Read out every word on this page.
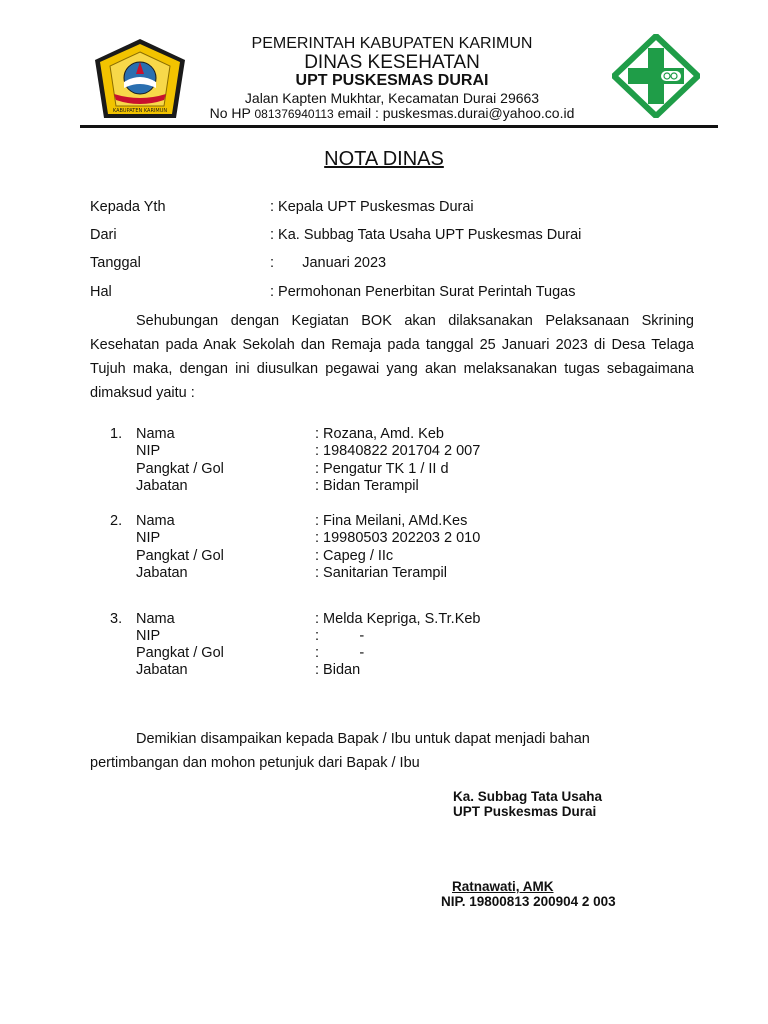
KABUPATEN KARIMUN
PEMERINTAH KABUPATEN KARIMUN
DINAS KESEHATAN
UPT PUSKESMAS DURAI
Jalan Kapten Mukhtar, Kecamatan Durai 29663
No HP 081376940113 email : puskesmas.durai@yahoo.co.id
NOTA DINAS
Kepada Yth	: Kepala UPT Puskesmas Durai
Dari	: Ka. Subbag Tata Usaha UPT Puskesmas Durai
Tanggal	:       Januari 2023
Hal	: Permohonan Penerbitan Surat Perintah Tugas

Sehubungan dengan Kegiatan BOK akan dilaksanakan Pelaksanaan Skrining Kesehatan pada Anak Sekolah dan Remaja pada tanggal 25 Januari 2023 di Desa Telaga Tujuh maka, dengan ini diusulkan pegawai yang akan melaksanakan tugas sebagaimana dimaksud yaitu :

1. Nama	: Rozana, Amd. Keb
NIP	: 19840822 201704 2 007
Pangkat / Gol	: Pengatur TK 1 / II d
Jabatan	: Bidan Terampil
2. Nama	: Fina Meilani, AMd.Kes
NIP	: 19980503 202203 2 010
Pangkat / Gol	: Capeg / IIc
Jabatan	: Sanitarian Terampil
3. Nama	: Melda Kepriga, S.Tr.Keb
NIP	:          -
Pangkat / Gol	:          -
Jabatan	: Bidan

Demikian disampaikan kepada Bapak / Ibu untuk dapat menjadi bahan pertimbangan dan mohon petunjuk dari Bapak / Ibu

Ka. Subbag Tata Usaha
UPT Puskesmas Durai
Ratnawati, AMK
NIP. 19800813 200904 2 003
